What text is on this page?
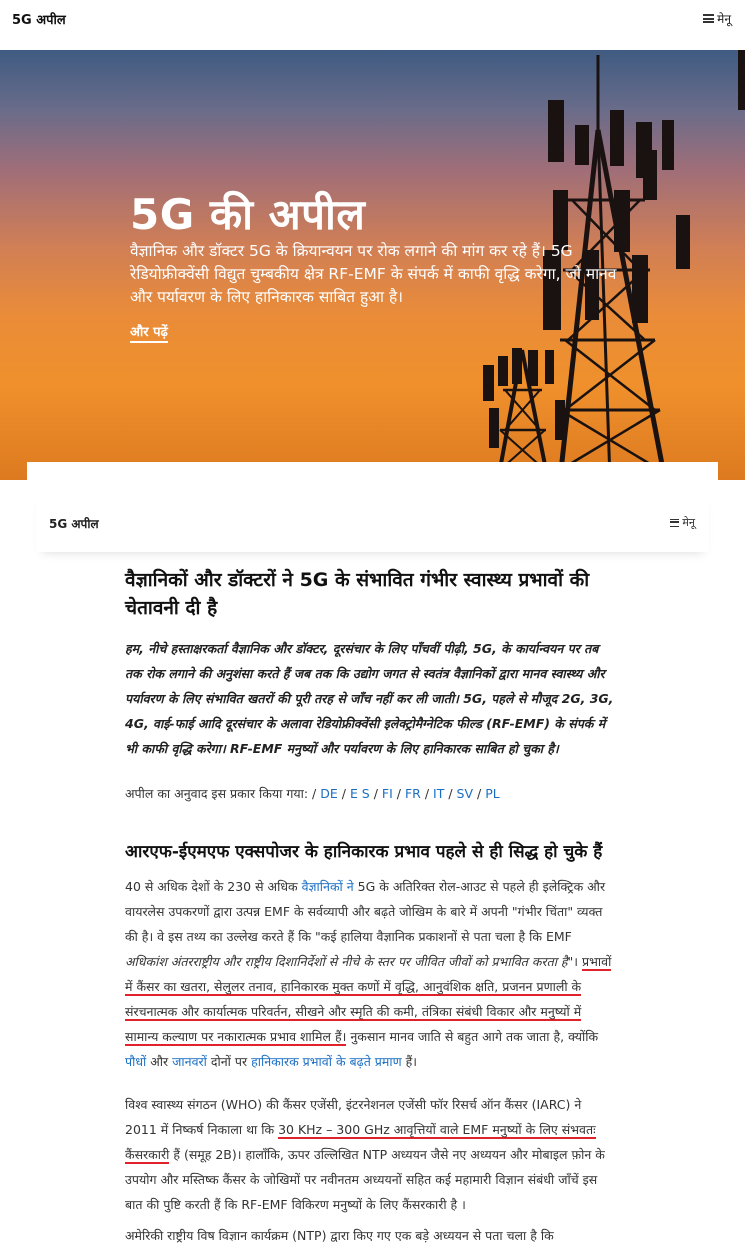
5G अपील	मेनू
5G की अपील
वैज्ञानिक और डॉक्टर 5G के क्रियान्वयन पर रोक लगाने की मांग कर रहे हैं। 5G रेडियोफ्रीक्वेंसी विद्युत चुम्बकीय क्षेत्र RF-EMF के संपर्क में काफी वृद्धि करेगा, जो मानव और पर्यावरण के लिए हानिकारक साबित हुआ है।
और पढ़ें
5G अपील	मेनू
वैज्ञानिकों और डॉक्टरों ने 5G के संभावित गंभीर स्वास्थ्य प्रभावों की चेतावनी दी है

हम, नीचे हस्ताक्षरकर्ता वैज्ञानिक और डॉक्टर, दूरसंचार के लिए पाँचवीं पीढ़ी, 5G, के कार्यान्वयन पर तब तक रोक लगाने की अनुशंसा करते हैं जब तक कि उद्योग जगत से स्वतंत्र वैज्ञानिकों द्वारा मानव स्वास्थ्य और पर्यावरण के लिए संभावित खतरों की पूरी तरह से जाँच नहीं कर ली जाती। 5G, पहले से मौजूद 2G, 3G, 4G, वाई-फाई आदि दूरसंचार के अलावा रेडियोफ्रीक्वेंसी इलेक्ट्रोमैग्नेटिक फील्ड (RF-EMF) के संपर्क में भी काफी वृद्धि करेगा। RF-EMF मनुष्यों और पर्यावरण के लिए हानिकारक साबित हो चुका है।

अपील का अनुवाद इस प्रकार किया गया: / DE / E S / FI / FR / IT / SV / PL

आरएफ-ईएमएफ एक्सपोजर के हानिकारक प्रभाव पहले से ही सिद्ध हो चुके हैं

40 से अधिक देशों के 230 से अधिक वैज्ञानिकों ने 5G के अतिरिक्त रोल-आउट से पहले ही इलेक्ट्रिक और वायरलेस उपकरणों द्वारा उत्पन्न EMF के सर्वव्यापी और बढ़ते जोखिम के बारे में अपनी "गंभीर चिंता" व्यक्त की है। वे इस तथ्य का उल्लेख करते हैं कि "कई हालिया वैज्ञानिक प्रकाशनों से पता चला है कि EMF अधिकांश अंतरराष्ट्रीय और राष्ट्रीय दिशानिर्देशों से नीचे के स्तर पर जीवित जीवों को प्रभावित करता है"। प्रभावों में कैंसर का खतरा, सेलुलर तनाव, हानिकारक मुक्त कणों में वृद्धि, आनुवंशिक क्षति, प्रजनन प्रणाली के संरचनात्मक और कार्यात्मक परिवर्तन, सीखने और स्मृति की कमी, तंत्रिका संबंधी विकार और मनुष्यों में सामान्य कल्याण पर नकारात्मक प्रभाव शामिल हैं। नुकसान मानव जाति से बहुत आगे तक जाता है, क्योंकि पौधों और जानवरों दोनों पर हानिकारक प्रभावों के बढ़ते प्रमाण हैं।

विश्व स्वास्थ्य संगठन (WHO) की कैंसर एजेंसी, इंटरनेशनल एजेंसी फॉर रिसर्च ऑन कैंसर (IARC) ने 2011 में निष्कर्ष निकाला था कि 30 KHz – 300 GHz आवृत्तियों वाले EMF मनुष्यों के लिए संभवतः कैंसरकारी हैं (समूह 2B)। हालाँकि, ऊपर उल्लिखित NTP अध्ययन जैसे नए अध्ययन और मोबाइल फ़ोन के उपयोग और मस्तिष्क कैंसर के जोखिमों पर नवीनतम अध्ययनों सहित कई महामारी विज्ञान संबंधी जाँचें इस बात की पुष्टि करती हैं कि RF-EMF विकिरण मनुष्यों के लिए कैंसरकारी है ।

अमेरिकी राष्ट्रीय विष विज्ञान कार्यक्रम (NTP) द्वारा किए गए एक बड़े अध्ययन से पता चला है कि
